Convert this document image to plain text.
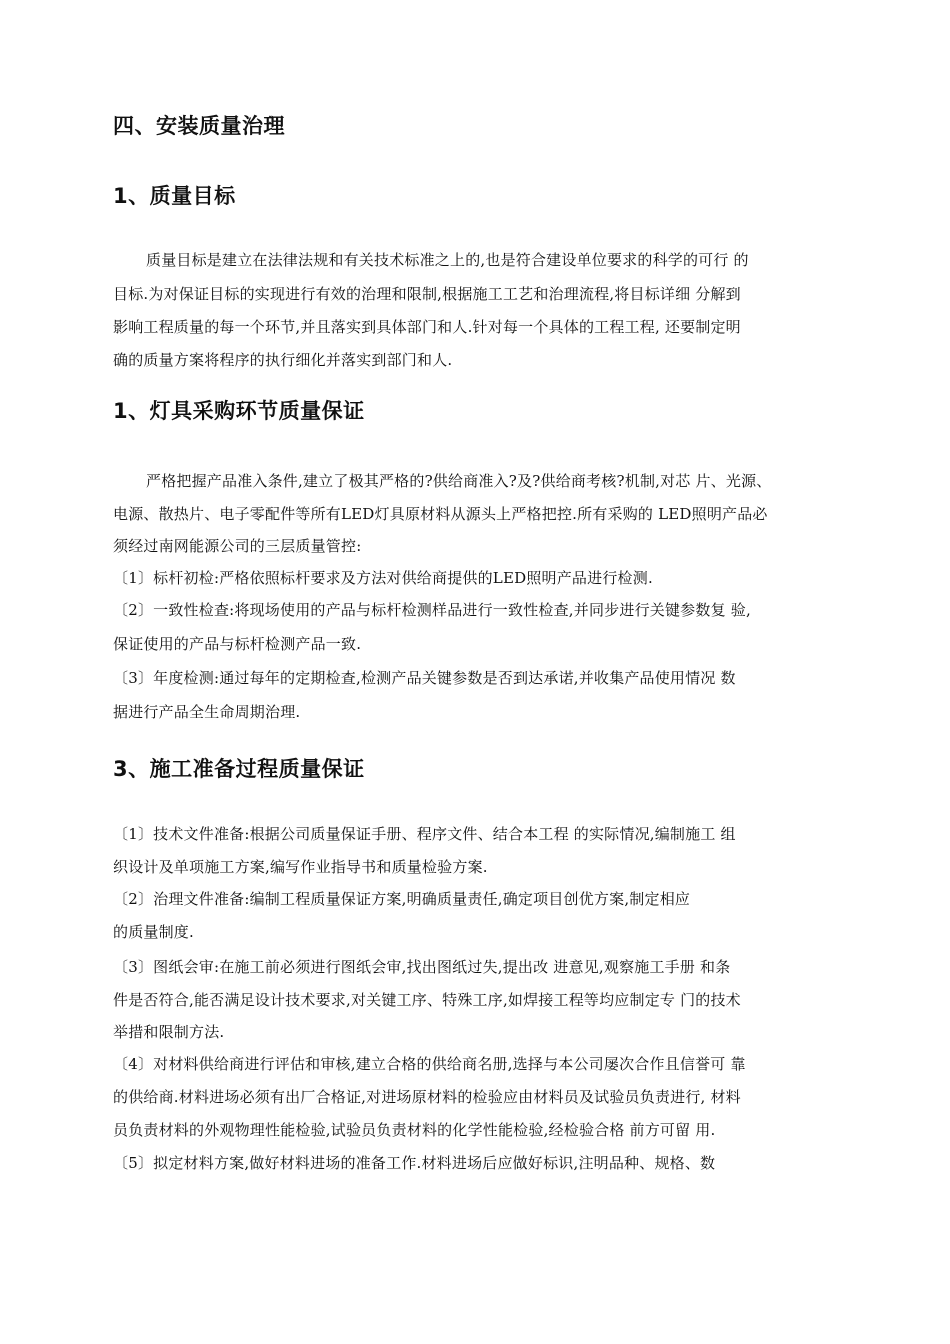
四、安装质量治理
1、质量目标
质量目标是建立在法律法规和有关技术标准之上的,也是符合建设单位要求的科学的可行 的
目标.为对保证目标的实现进行有效的治理和限制,根据施工工艺和治理流程,将目标详细 分解到
影响工程质量的每一个环节,并且落实到具体部门和人.针对每一个具体的工程工程, 还要制定明
确的质量方案将程序的执行细化并落实到部门和人.
1、灯具采购环节质量保证
严格把握产品准入条件,建立了极其严格的?供给商准入?及?供给商考核?机制,对芯 片、光源、
电源、散热片、电子零配件等所有LED灯具原材料从源头上严格把控.所有采购的 LED照明产品必
须经过南网能源公司的三层质量管控:
〔1〕标杆初检:严格依照标杆要求及方法对供给商提供的LED照明产品进行检测.
〔2〕一致性检查:将现场使用的产品与标杆检测样品进行一致性检查,并同步进行关键参数复 验,
保证使用的产品与标杆检测产品一致.
〔3〕年度检测:通过每年的定期检查,检测产品关键参数是否到达承诺,并收集产品使用情况 数
据进行产品全生命周期治理.
3、施工准备过程质量保证
〔1〕技术文件准备:根据公司质量保证手册、程序文件、结合本工程 的实际情况,编制施工 组
织设计及单项施工方案,编写作业指导书和质量检验方案.
〔2〕治理文件准备:编制工程质量保证方案,明确质量责任,确定项目创优方案,制定相应
的质量制度.
〔3〕图纸会审:在施工前必须进行图纸会审,找出图纸过失,提出改 进意见,观察施工手册 和条
件是否符合,能否满足设计技术要求,对关键工序、特殊工序,如焊接工程等均应制定专 门的技术
举措和限制方法.
〔4〕对材料供给商进行评估和审核,建立合格的供给商名册,选择与本公司屡次合作且信誉可 靠
的供给商.材料进场必须有出厂合格证,对进场原材料的检验应由材料员及试验员负责进行, 材料
员负责材料的外观物理性能检验,试验员负责材料的化学性能检验,经检验合格 前方可留 用.
〔5〕拟定材料方案,做好材料进场的准备工作.材料进场后应做好标识,注明品种、规格、数
